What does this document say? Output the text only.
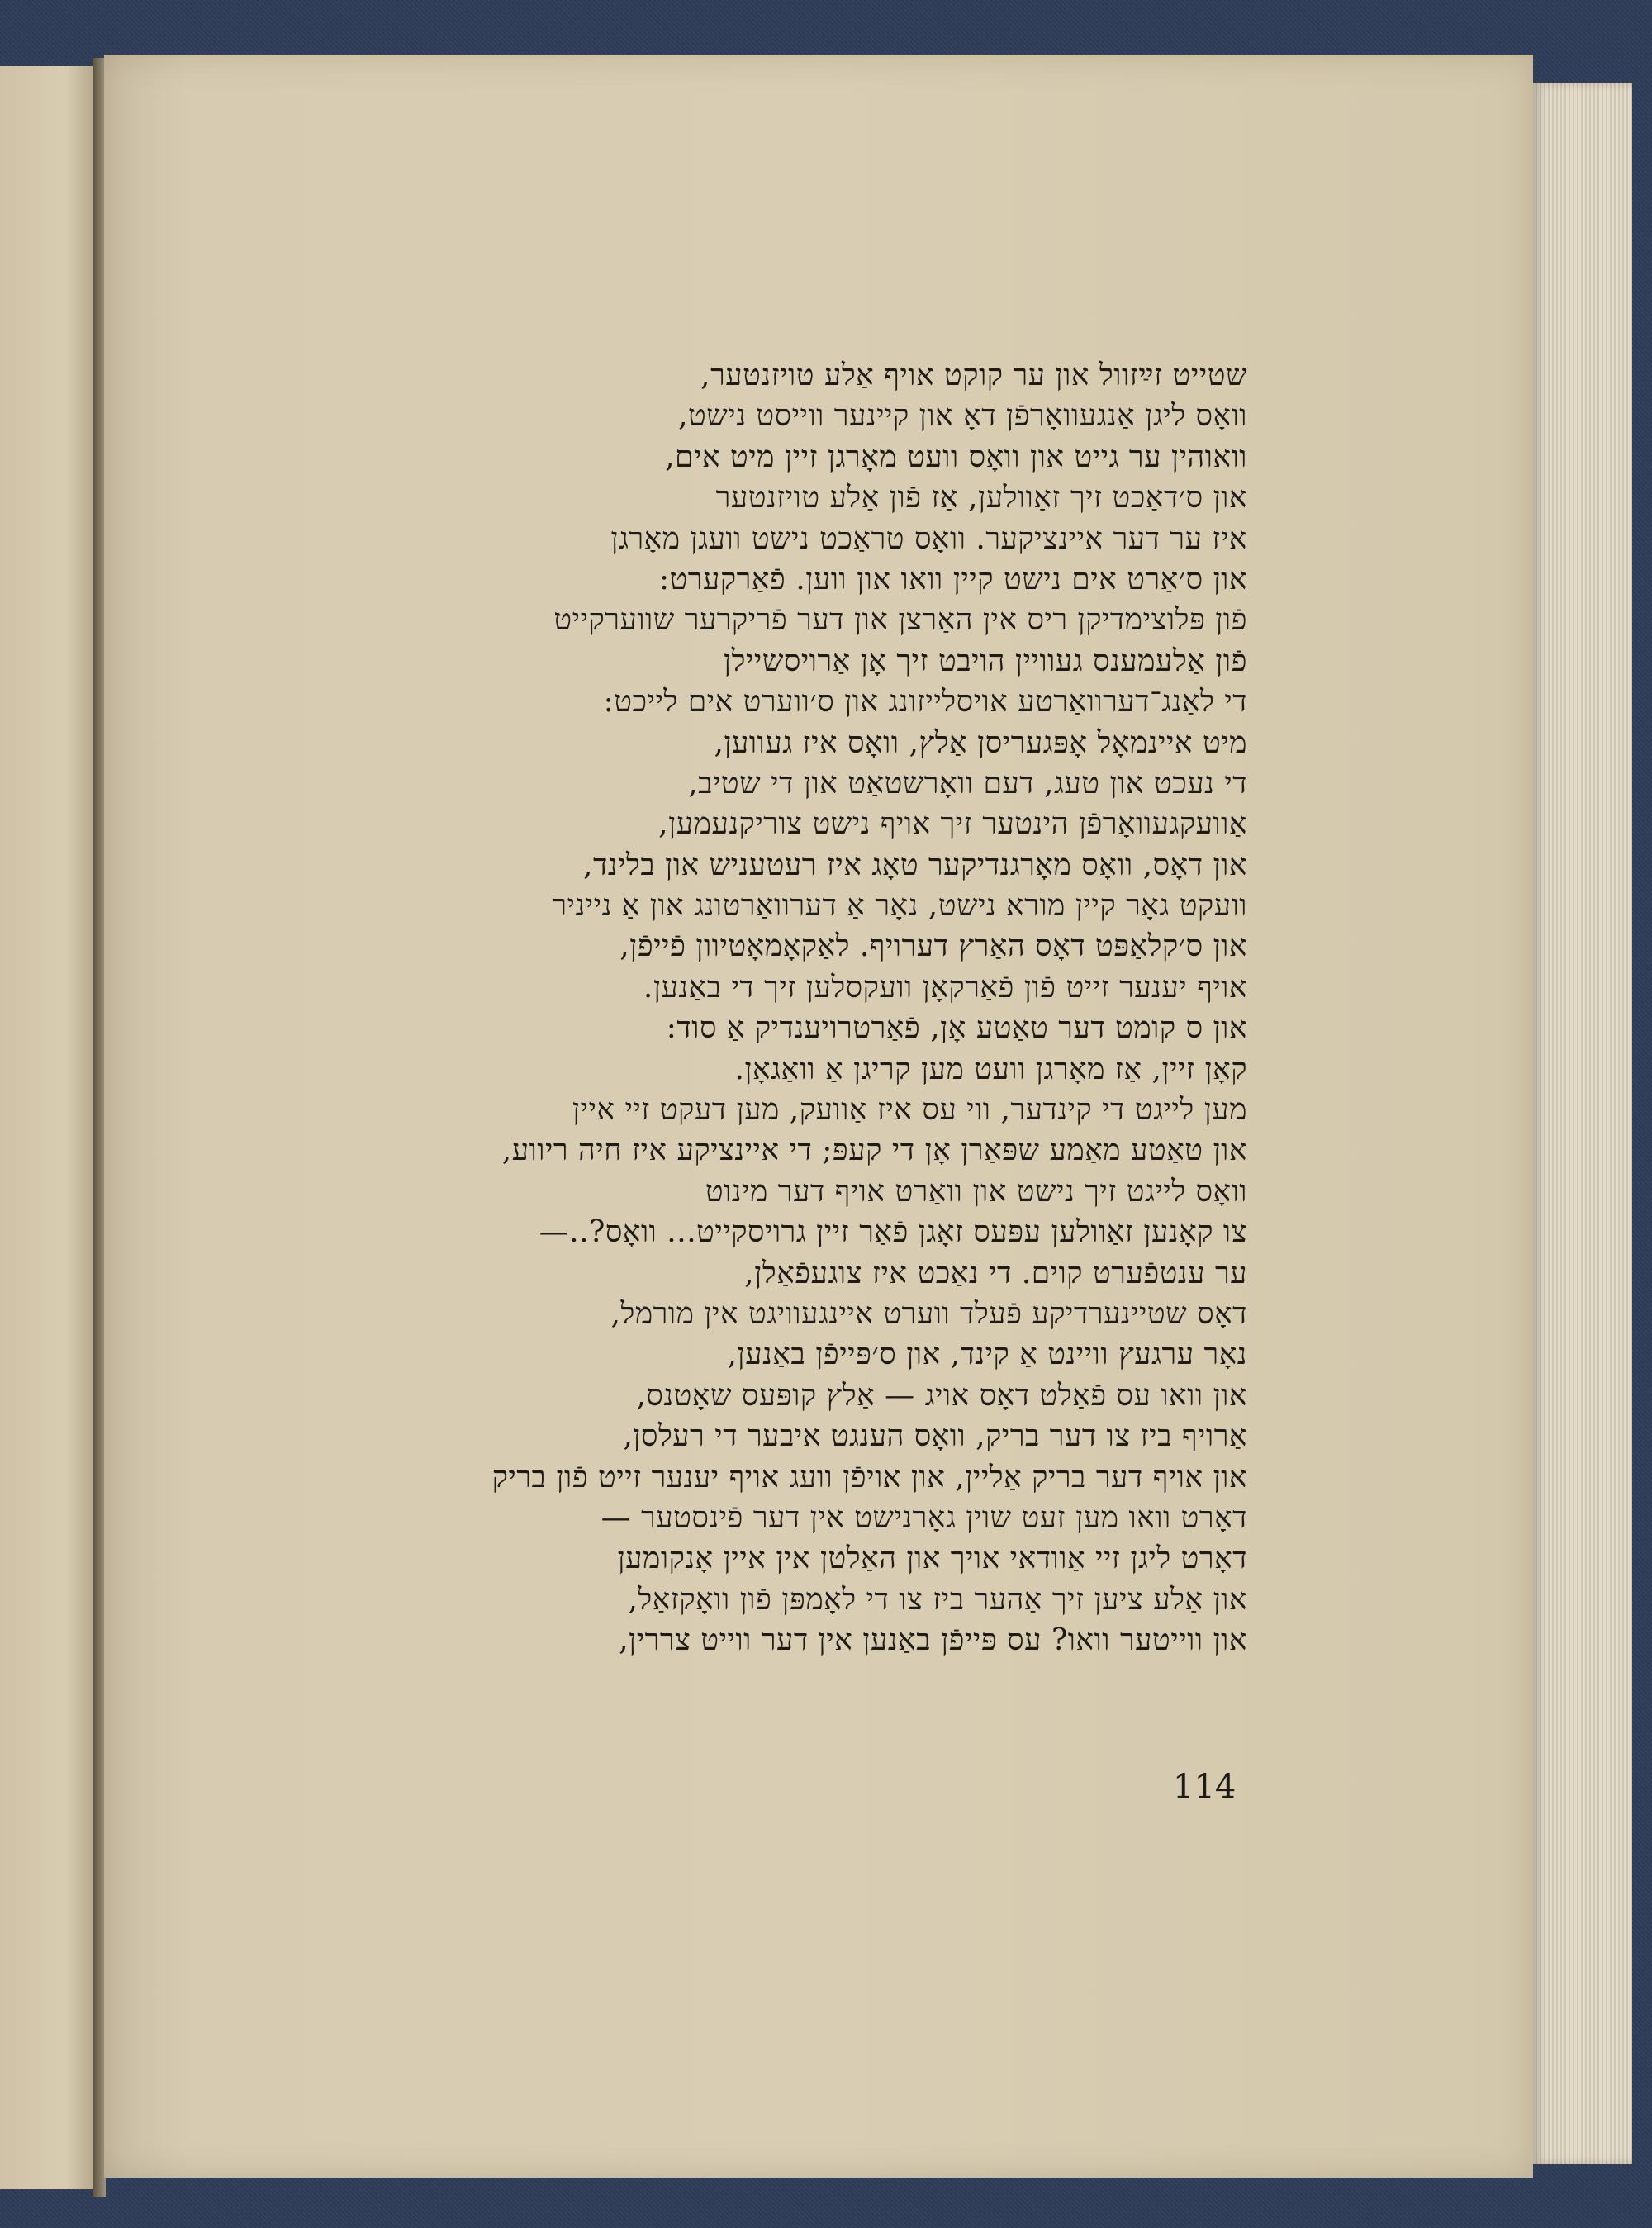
שטייט זײַזוול און ער קוקט אויף אַלע טויזנטער,
וואָס ליגן אַנגעוואָרפֿן דאָ און קיינער ווייסט נישט,
וואוהין ער גייט און וואָס וועט מאָרגן זיין מיט אים,
און ס׳דאַכט זיך זאַוולען, אַז פֿון אַלע טויזנטער
איז ער דער איינציקער. וואָס טראַכט נישט וועגן מאָרגן
און ס׳אַרט אים נישט קיין וואו און ווען. פֿאַרקערט:
פֿון פּלוצימדיקן ריס אין האַרצן און דער פֿריקרער שווערקייט
פֿון אַלעמענס געוויין הויבט זיך אָן אַרויסשיילן
די לאַנג־דערוואַרטע אויסלייזונג און ס׳ווערט אים לייכט:
מיט איינמאָל אָפּגעריסן אַלץ, וואָס איז געווען,
די נעכט און טעג, דעם וואָרשטאַט און די שטיב,
אַוועקגעוואָרפֿן הינטער זיך אויף נישט צוריקנעמען,
און דאָס, וואָס מאָרגנדיקער טאָג איז רעטעניש און בלינד,
וועקט גאָר קיין מורא נישט, נאָר אַ דערוואַרטונג און אַ נייניר
און ס׳קלאַפּט דאָס האַרץ דערויף. לאַקאָמאָטיוון פֿייפֿן,
אויף יענער זייט פֿון פֿאַרקאָן וועקסלען זיך די באַנען.
און ס קומט דער טאַטע אָן, פֿאַרטרויענדיק אַ סוד:
קאָן זיין, אַז מאָרגן וועט מען קריגן אַ וואַגאָן.
מען לייגט די קינדער, ווי עס איז אַוועק, מען דעקט זיי איין
און טאַטע מאַמע שפּאַרן אָן די קעפּ; די איינציקע איז חיה ריווע,
וואָס לייגט זיך נישט און וואַרט אויף דער מינוט
צו קאָנען זאַוולען עפּעס זאָגן פֿאַר זיין גרויסקייט... וואָס?..—
ער ענטפֿערט קוים. די נאַכט איז צוגעפֿאַלן,
דאָס שטיינערדיקע פֿעלד ווערט איינגעוויגט אין מורמל,
נאָר ערגעץ וויינט אַ קינד, און ס׳פּייפֿן באַנען,
און וואו עס פֿאַלט דאָס אויג — אַלץ קופּעס שאָטנס,
אַרויף ביז צו דער בריק, וואָס הענגט איבער די רעלסן,
און אויף דער בריק אַליין, און אויפֿן וועג אויף יענער זייט פֿון בריק
דאָרט וואו מען זעט שוין גאָרנישט אין דער פֿינסטער —
דאָרט ליגן זיי אַוודאי אויך און האַלטן אין איין אָנקומען
און אַלע ציען זיך אַהער ביז צו די לאָמפּן פֿון וואָקזאַל,
און ווייטער וואו? עס פּייפֿן באַנען אין דער ווייט צררין,
114
